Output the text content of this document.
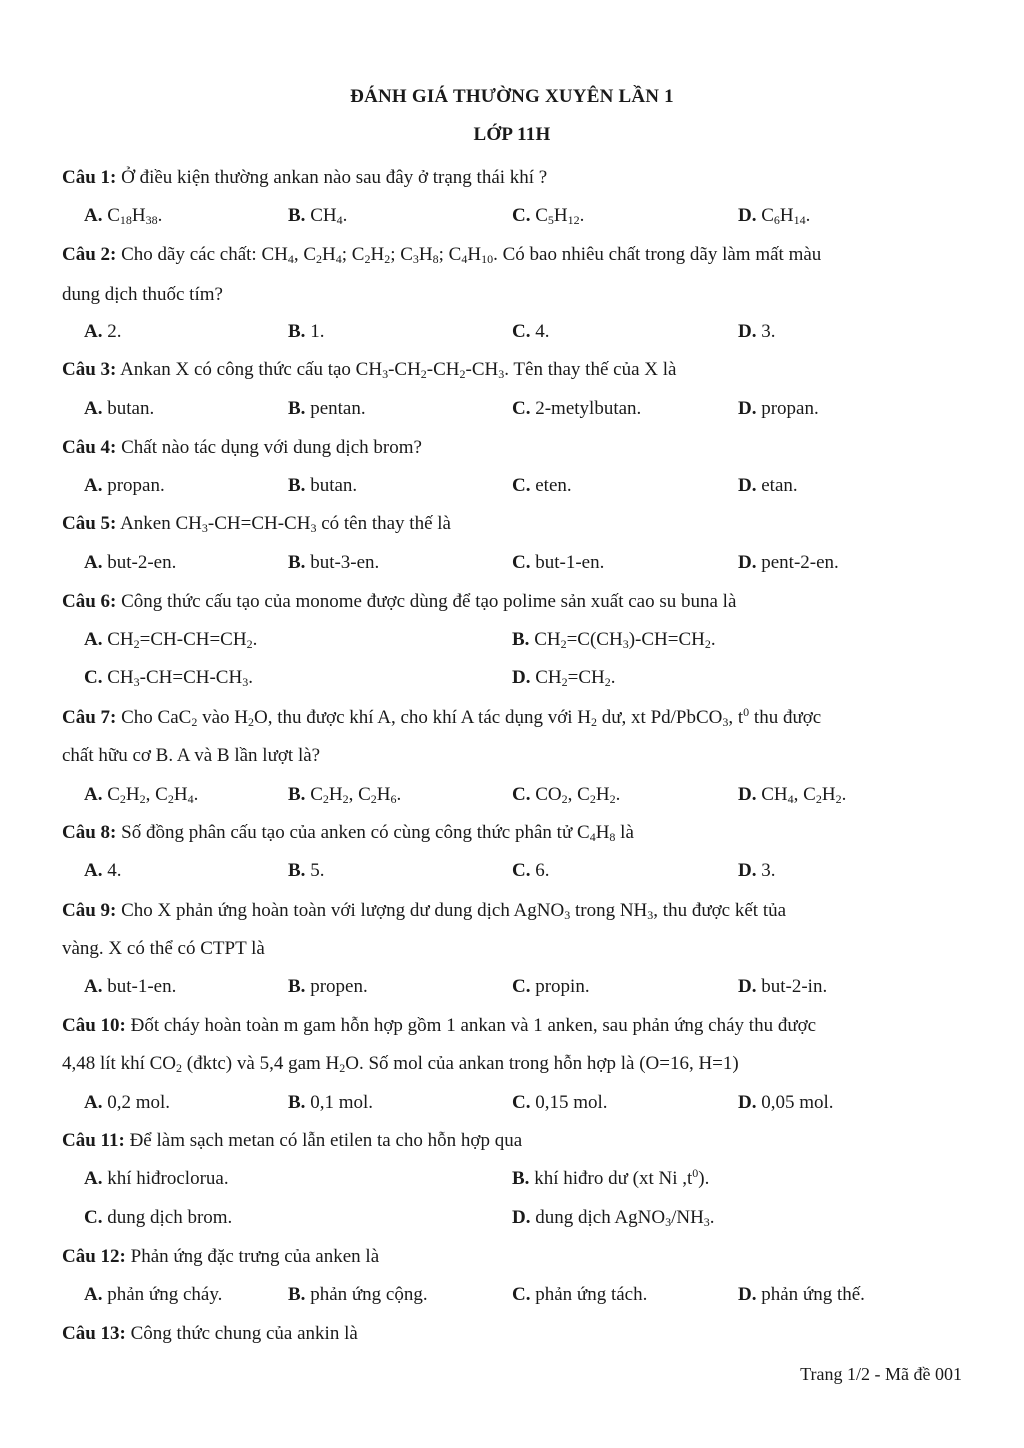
ĐÁNH GIÁ THƯỜNG XUYÊN LẦN 1
LỚP 11H
Câu 1: Ở điều kiện thường ankan nào sau đây ở trạng thái khí ?
A. $C_{18}H_{38}$.	B. $CH_4$.	C. $C_5H_{12}$.	D. $C_6H_{14}$.
Câu 2: Cho dãy các chất: $CH_4$, $C_2H_4$; $C_2H_2$; $C_3H_8$; $C_4H_{10}$. Có bao nhiêu chất trong dãy làm mất màu
dung dịch thuốc tím?
A. 2.	B. 1.	C. 4.	D. 3.
Câu 3: Ankan X có công thức cấu tạo $CH_3-CH_2-CH_2-CH_3$. Tên thay thế của X là
A. butan.	B. pentan.	C. 2-metylbutan.	D. propan.
Câu 4: Chất nào tác dụng với dung dịch brom?
A. propan.	B. butan.	C. eten.	D. etan.
Câu 5: Anken $CH_3-CH=CH-CH_3$ có tên thay thế là
A. but-2-en.	B. but-3-en.	C. but-1-en.	D. pent-2-en.
Câu 6: Công thức cấu tạo của monome được dùng để tạo polime sản xuất cao su buna là
A. $CH_2=CH-CH=CH_2$.	B. $CH_2=C(CH_3)-CH=CH_2$.
C. $CH_3-CH=CH-CH_3$.	D. $CH_2=CH_2$.
Câu 7: Cho CaC$_2$ vào $H_2O$, thu được khí A, cho khí A tác dụng với $H_2$ dư, xt Pd/PbCO$_3$, $t^0$ thu được
chất hữu cơ B. A và B lần lượt là?
A. $C_2H_2$, $C_2H_4$.	B. $C_2H_2$, $C_2H_6$.	C. $CO_2$, $C_2H_2$.	D. $CH_4$, $C_2H_2$.
Câu 8: Số đồng phân cấu tạo của anken có cùng công thức phân tử $C_4H_8$ là
A. 4.	B. 5.	C. 6.	D. 3.
Câu 9: Cho X phản ứng hoàn toàn với lượng dư dung dịch AgNO$_3$ trong $NH_3$, thu được kết tủa
vàng. X có thể có CTPT là
A. but-1-en.	B. propen.	C. propin.	D. but-2-in.
Câu 10: Đốt cháy hoàn toàn m gam hỗn hợp gồm 1 ankan và 1 anken, sau phản ứng cháy thu được
4,48 lít khí $CO_2$ (đktc) và 5,4 gam $H_2O$. Số mol của ankan trong hỗn hợp là (O=16, H=1)
A. 0,2 mol.	B. 0,1 mol.	C. 0,15 mol.	D. 0,05 mol.
Câu 11: Để làm sạch metan có lẫn etilen ta cho hỗn hợp qua
A. khí hiđroclorua.	B. khí hiđro dư (xt Ni $,t^0$).
C. dung dịch brom.	D. dung dịch $AgNO_3/NH_3$.
Câu 12: Phản ứng đặc trưng của anken là
A. phản ứng cháy.	B. phản ứng cộng.	C. phản ứng tách.	D. phản ứng thế.
Câu 13: Công thức chung của ankin là
Trang 1/2 - Mã đề 001
